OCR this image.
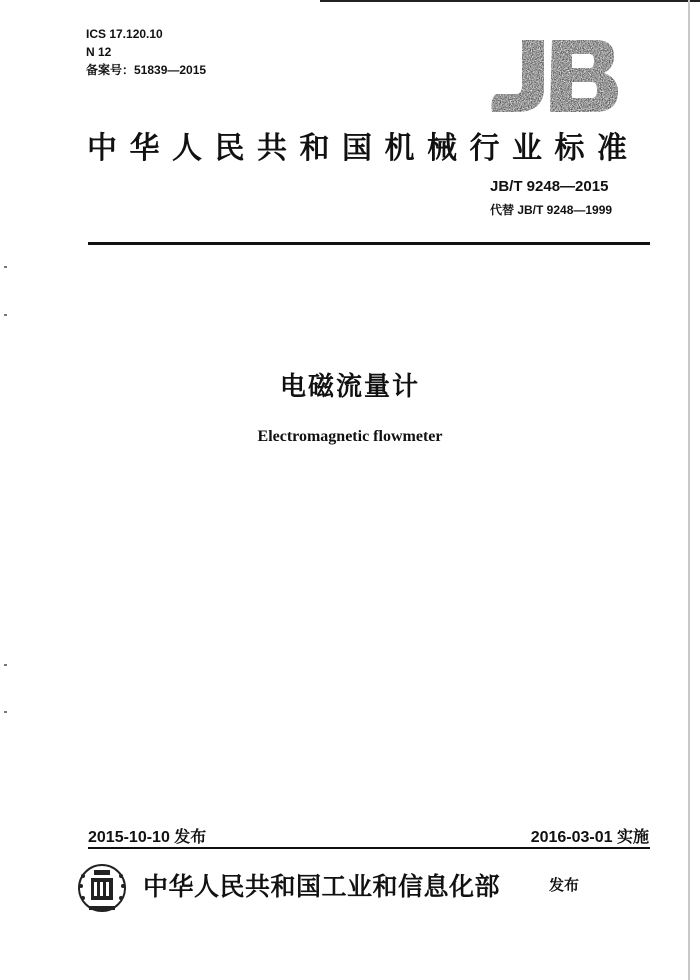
ICS 17.120.10
N 12
备案号：51839—2015
中华人民共和国机械行业标准
JB/T 9248—2015
代替 JB/T 9248—1999
电磁流量计
Electromagnetic flowmeter
2015-10-10 发布	2016-03-01 实施
中华人民共和国工业和信息化部	发布
